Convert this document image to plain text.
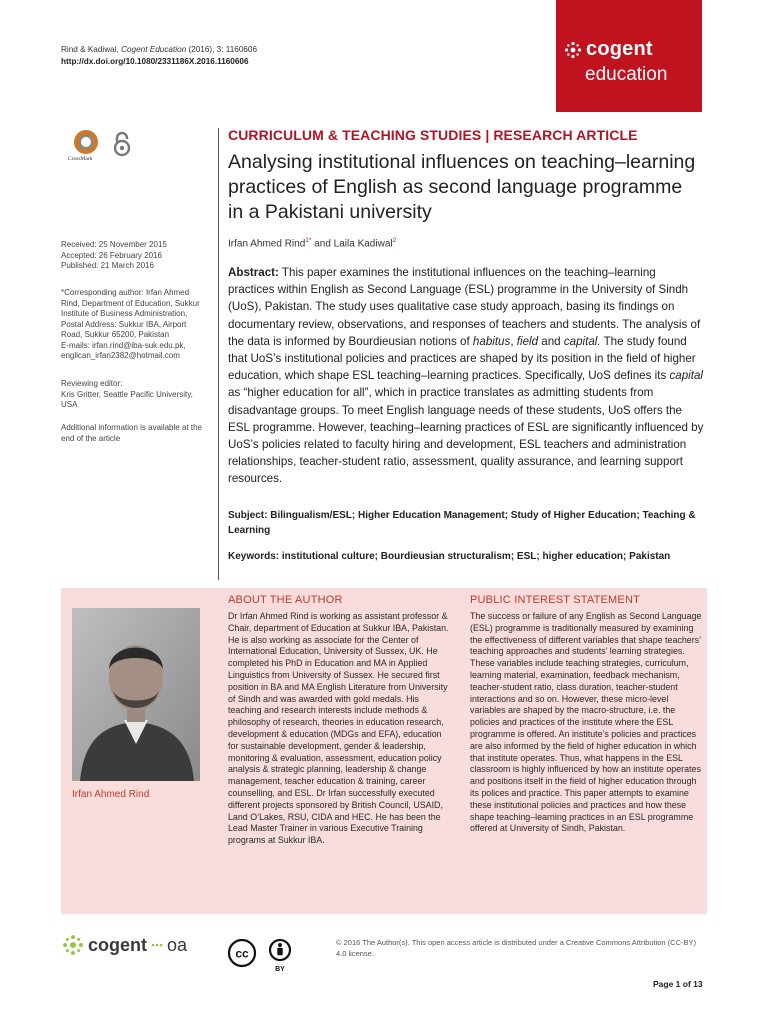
Rind & Kadiwal, Cogent Education (2016), 3: 1160606
http://dx.doi.org/10.1080/2331186X.2016.1160606
cogent
education
CrossMark
CURRICULUM & TEACHING STUDIES | RESEARCH ARTICLE
Analysing institutional influences on teaching–learning practices of English as second language programme in a Pakistani university
Irfan Ahmed Rind$^{1*}$ and Laila Kadiwal$^2$

Received: 25 November 2015

Accepted: 26 February 2016

Published: 21 March 2016

*Corresponding author: Irfan Ahmed Rind, Department of Education, Sukkur Institute of Business Administration, Postal Address: Sukkur IBA, Airport Road, Sukkur 65200, Pakistan

E-mails: irfan.rind@iba-suk.edu.pk,
englican_irfan2382@hotmail.com

Reviewing editor:

Kris Gritter, Seattle Pacific University, USA

Additional information is available at the end of the article

Abstract: This paper examines the institutional influences on the teaching–learning practices within English as Second Language (ESL) programme in the University of Sindh (UoS), Pakistan. The study uses qualitative case study approach, basing its findings on documentary review, observations, and responses of teachers and students. The analysis of the data is informed by Bourdieusian notions of habitus, field and capital. The study found that UoS’s institutional policies and practices are shaped by its position in the field of higher education, which shape ESL teaching–learning practices. Specifically, UoS defines its capital as “higher education for all”, which in practice translates as admitting students from disadvantage groups. To meet English language needs of these students, UoS offers the ESL programme. However, teaching–learning practices of ESL are significantly influenced by UoS’s policies related to faculty hiring and development, ESL teachers and administration relationships, teacher-student ratio, assessment, quality assurance, and learning support resources.

Subject: Bilingualism/ESL; Higher Education Management; Study of Higher Education; Teaching & Learning

Keywords: institutional culture; Bourdieusian structuralism; ESL; higher education; Pakistan

Irfan Ahmed Rind
ABOUT THE AUTHOR

Dr Irfan Ahmed Rind is working as assistant professor & Chair, department of Education at Sukkur IBA, Pakistan. He is also working as associate for the Center of International Education, University of Sussex, UK. He completed his PhD in Education and MA in Applied Linguistics from University of Sussex. He secured first position in BA and MA English Literature from University of Sindh and was awarded with gold medals. His teaching and research interests include methods & philosophy of research, theories in education research, development & education (MDGs and EFA), education for sustainable development, gender & leadership, monitoring & evaluation, assessment, education policy analysis & strategic planning, leadership & change management, teacher education & training, career counselling, and ESL. Dr Irfan successfully executed different projects sponsored by British Council, USAID, Land O’Lakes, RSU, CIDA and HEC. He has been the Lead Master Trainer in various Executive Training programs at Sukkur IBA.

PUBLIC INTEREST STATEMENT

The success or failure of any English as Second Language (ESL) programme is traditionally measured by examining the effectiveness of different variables that shape teachers’ teaching approaches and students’ learning strategies. These variables include teaching strategies, curriculum, learning material, examination, feedback mechanism, teacher-student ratio, class duration, teacher-student interactions and so on. However, these micro-level variables are shaped by the macro-structure, i.e. the policies and practices of the institute where the ESL programme is offered. An institute’s policies and practices are also informed by the field of higher education in which that institute operates. Thus, what happens in the ESL classroom is highly influenced by how an institute operates and positions itself in the field of higher education through its polices and practice. This paper attempts to examine these institutional policies and practices and how these shape teaching–learning practices in an ESL programme offered at University of Sindh, Pakistan.

cogent oa	cc
BY

© 2016 The Author(s). This open access article is distributed under a Creative Commons Attribution (CC-BY) 4.0 license.

Page 1 of 13
